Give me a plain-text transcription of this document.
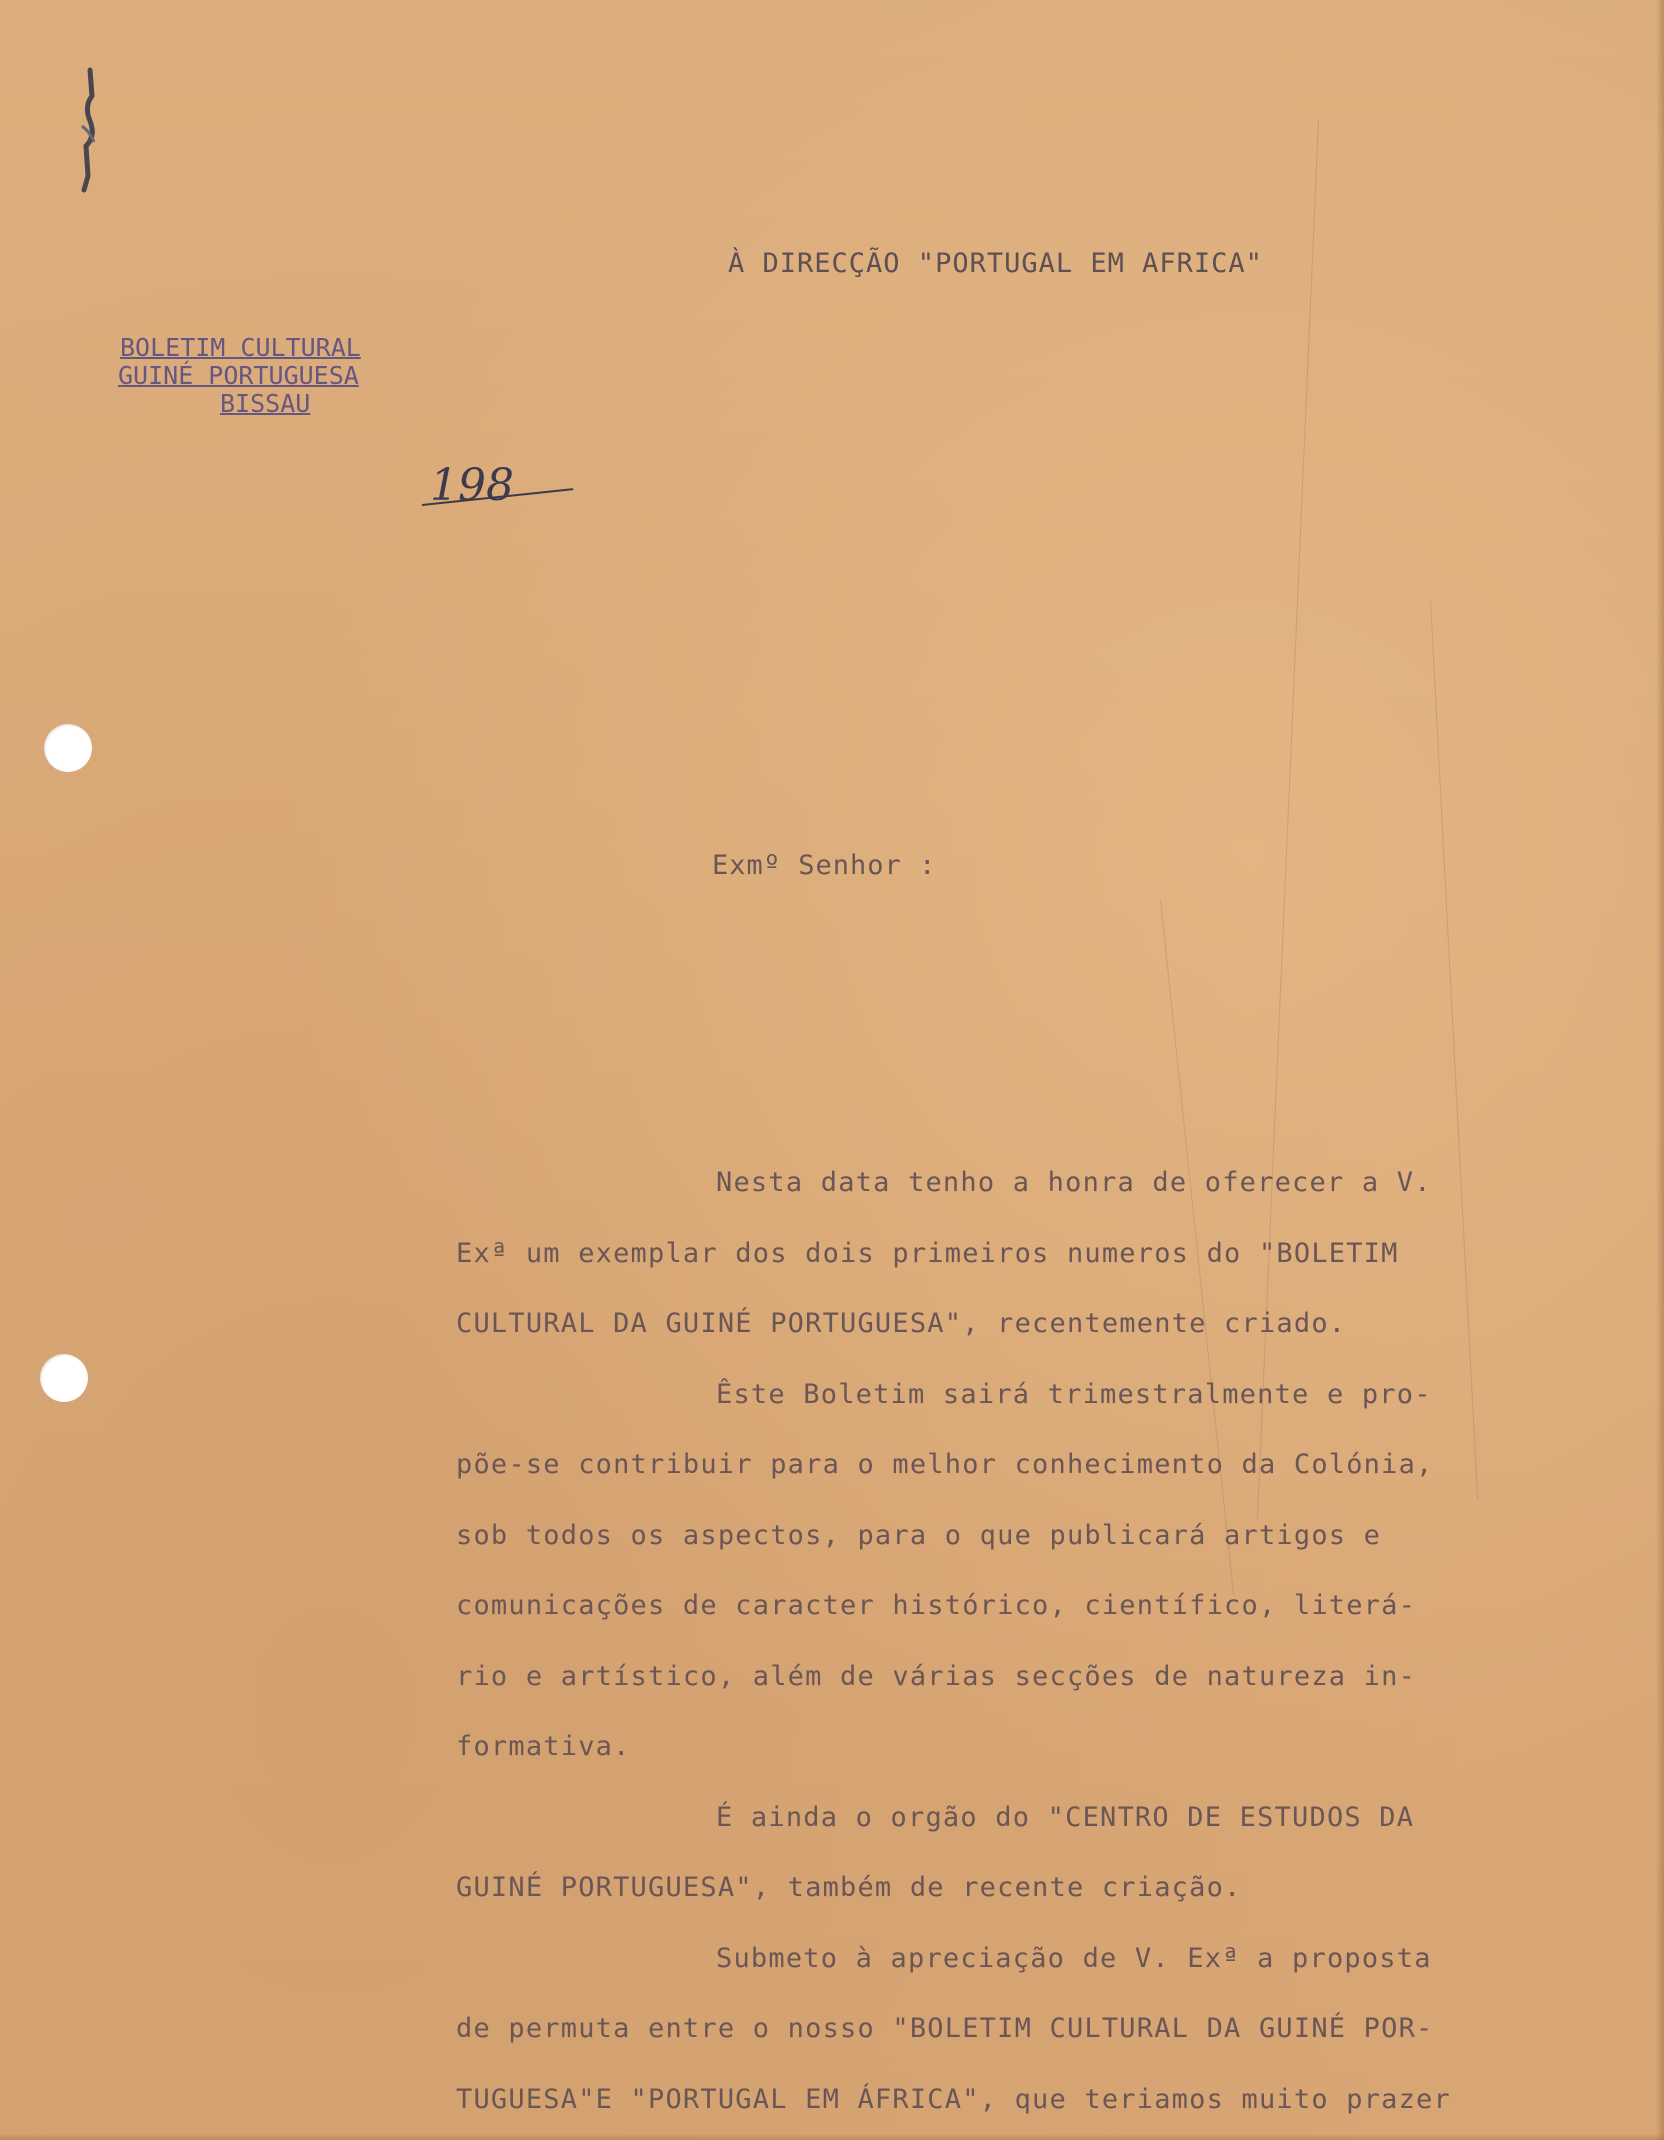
À DIRECÇÃO "PORTUGAL EM AFRICA"
BOLETIM CULTURAL
GUINÉ PORTUGUESA
BISSAU
198
Exmº Senhor :
Nesta data tenho a honra de oferecer a V.
Exª um exemplar dos dois primeiros numeros do "BOLETIM
CULTURAL DA GUINÉ PORTUGUESA", recentemente criado.
Êste Boletim sairá trimestralmente e pro-
põe-se contribuir para o melhor conhecimento da Colónia,
sob todos os aspectos, para o que publicará artigos e
comunicações de caracter histórico, científico, literá-
rio e artístico, além de várias secções de natureza in-
formativa.
É ainda o orgão do "CENTRO DE ESTUDOS DA
GUINÉ PORTUGUESA", também de recente criação.
Submeto à apreciação de V. Exª a proposta
de permuta entre o nosso "BOLETIM CULTURAL DA GUINÉ POR-
TUGUESA"E "PORTUGAL EM ÁFRICA", que teriamos muito prazer
